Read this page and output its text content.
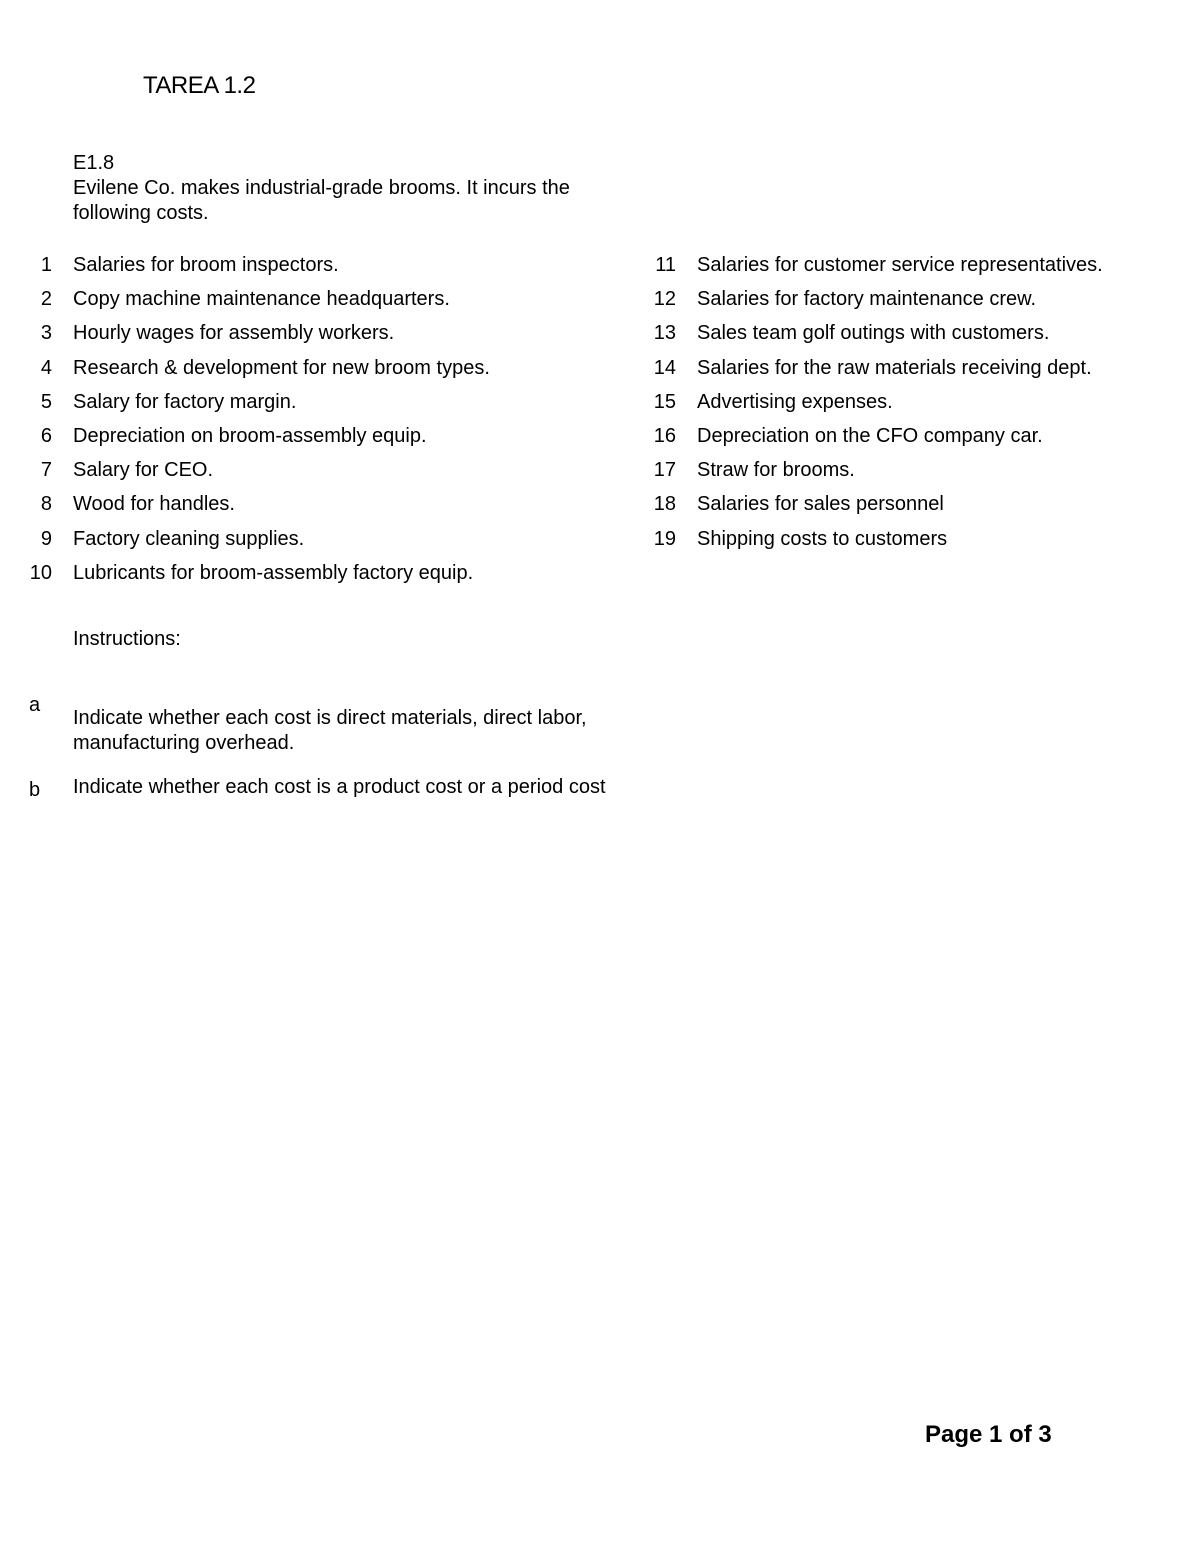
TAREA 1.2
E1.8
Evilene Co. makes industrial-grade brooms. It incurs the following costs.
1 Salaries for broom inspectors.
2 Copy machine maintenance headquarters.
3 Hourly wages for assembly workers.
4 Research & development for new broom types.
5 Salary for factory margin.
6 Depreciation on broom-assembly equip.
7 Salary for CEO.
8 Wood for handles.
9 Factory cleaning supplies.
10 Lubricants for broom-assembly factory equip.
11 Salaries for customer service representatives.
12 Salaries for factory maintenance crew.
13 Sales team golf outings with customers.
14 Salaries for the raw materials receiving dept.
15 Advertising expenses.
16 Depreciation on the CFO company car.
17 Straw for brooms.
18 Salaries for sales personnel
19 Shipping costs to customers
Instructions:
a
Indicate whether each cost is direct materials, direct labor, manufacturing overhead.
b Indicate whether each cost is a product cost or a period cost
Page 1 of 3
